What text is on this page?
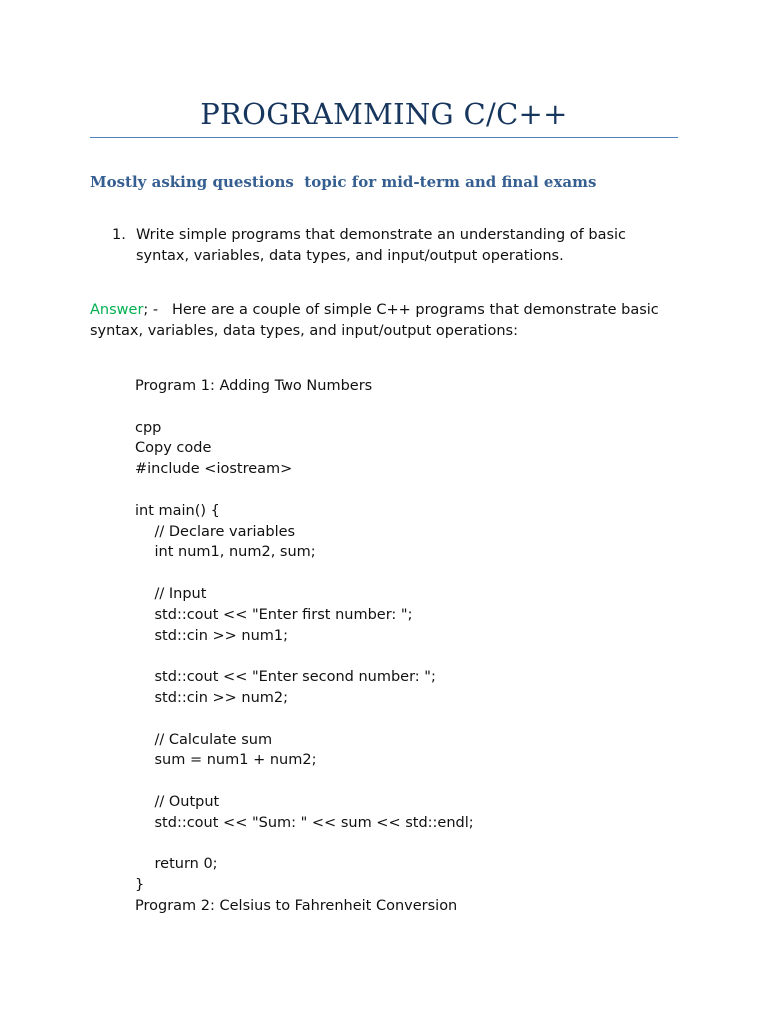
PROGRAMMING C/C++
Mostly asking questions  topic for mid-term and final exams
1. Write simple programs that demonstrate an understanding of basic syntax, variables, data types, and input/output operations.

Answer; -   Here are a couple of simple C++ programs that demonstrate basic syntax, variables, data types, and input/output operations:

Program 1: Adding Two Numbers
cpp
Copy code
#include <iostream>
int main() {
// Declare variables
int num1, num2, sum;
// Input
std::cout << "Enter first number: ";
std::cin >> num1;
std::cout << "Enter second number: ";
std::cin >> num2;
// Calculate sum
sum = num1 + num2;
// Output
std::cout << "Sum: " << sum << std::endl;
return 0;
}
Program 2: Celsius to Fahrenheit Conversion
